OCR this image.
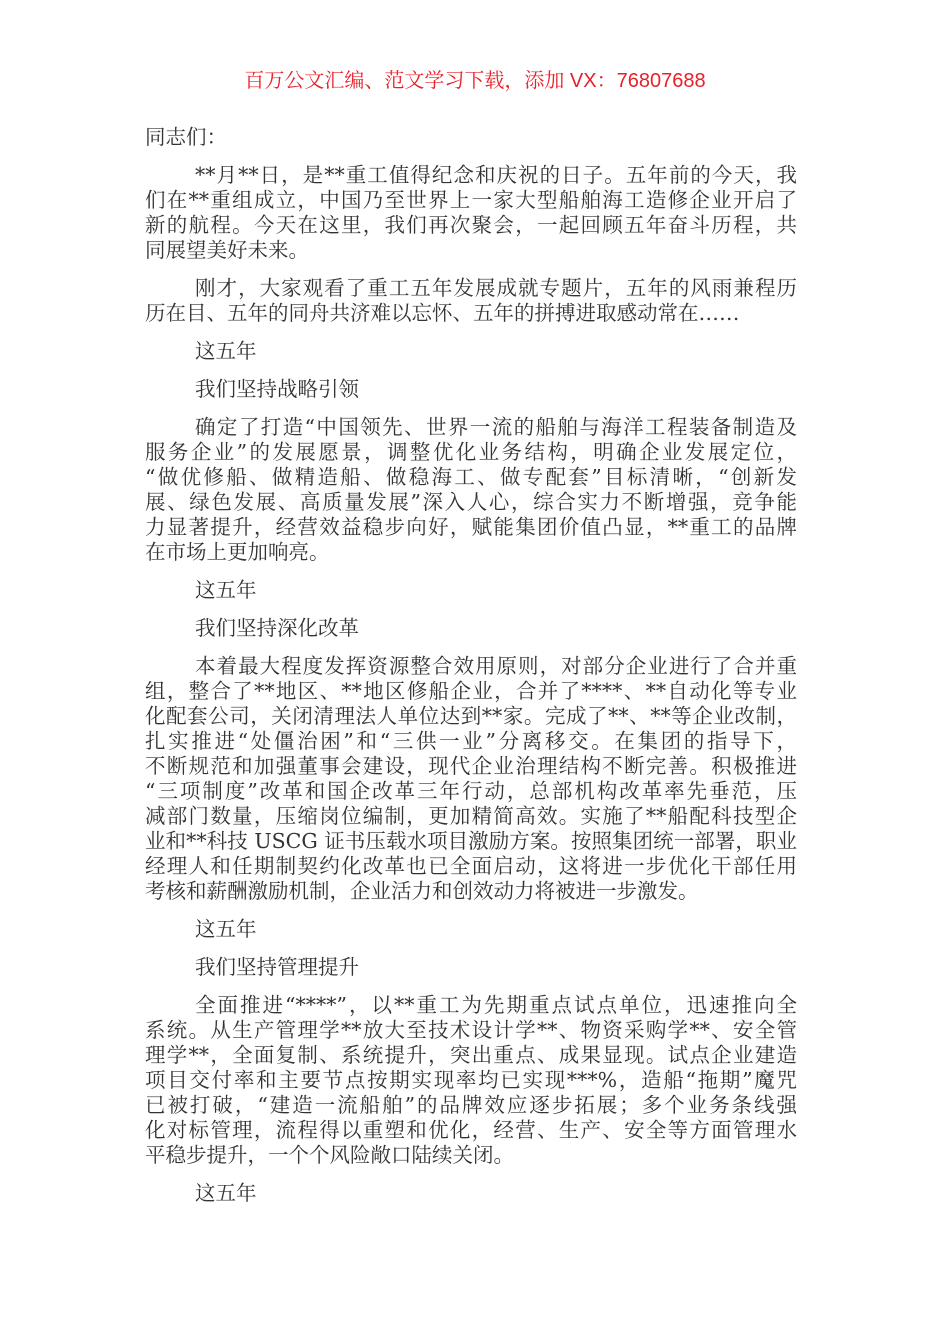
百万公文汇编、范文学习下载，添加 VX：76807688
同志们：
**月**日，是**重工值得纪念和庆祝的日子。五年前的今天，我
们在**重组成立，中国乃至世界上一家大型船舶海工造修企业开启了
新的航程。今天在这里，我们再次聚会，一起回顾五年奋斗历程，共
同展望美好未来。
刚才，大家观看了重工五年发展成就专题片，五年的风雨兼程历
历在目、五年的同舟共济难以忘怀、五年的拼搏进取感动常在……
这五年
我们坚持战略引领
确定了打造“中国领先、世界一流的船舶与海洋工程装备制造及
服务企业”的发展愿景，调整优化业务结构，明确企业发展定位，
“做优修船、做精造船、做稳海工、做专配套”目标清晰，“创新发
展、绿色发展、高质量发展”深入人心，综合实力不断增强，竞争能
力显著提升，经营效益稳步向好，赋能集团价值凸显，**重工的品牌
在市场上更加响亮。
这五年
我们坚持深化改革
本着最大程度发挥资源整合效用原则，对部分企业进行了合并重
组，整合了**地区、**地区修船企业，合并了****、**自动化等专业
化配套公司，关闭清理法人单位达到**家。完成了**、**等企业改制，
扎实推进“处僵治困”和“三供一业”分离移交。在集团的指导下，
不断规范和加强董事会建设，现代企业治理结构不断完善。积极推进
“三项制度”改革和国企改革三年行动，总部机构改革率先垂范，压
减部门数量，压缩岗位编制，更加精简高效。实施了**船配科技型企
业和**科技 USCG 证书压载水项目激励方案。按照集团统一部署，职业
经理人和任期制契约化改革也已全面启动，这将进一步优化干部任用
考核和薪酬激励机制，企业活力和创效动力将被进一步激发。
这五年
我们坚持管理提升
全面推进“****”，以**重工为先期重点试点单位，迅速推向全
系统。从生产管理学**放大至技术设计学**、物资采购学**、安全管
理学**，全面复制、系统提升，突出重点、成果显现。试点企业建造
项目交付率和主要节点按期实现率均已实现***%，造船“拖期”魔咒
已被打破，“建造一流船舶”的品牌效应逐步拓展；多个业务条线强
化对标管理，流程得以重塑和优化，经营、生产、安全等方面管理水
平稳步提升，一个个风险敞口陆续关闭。
这五年
